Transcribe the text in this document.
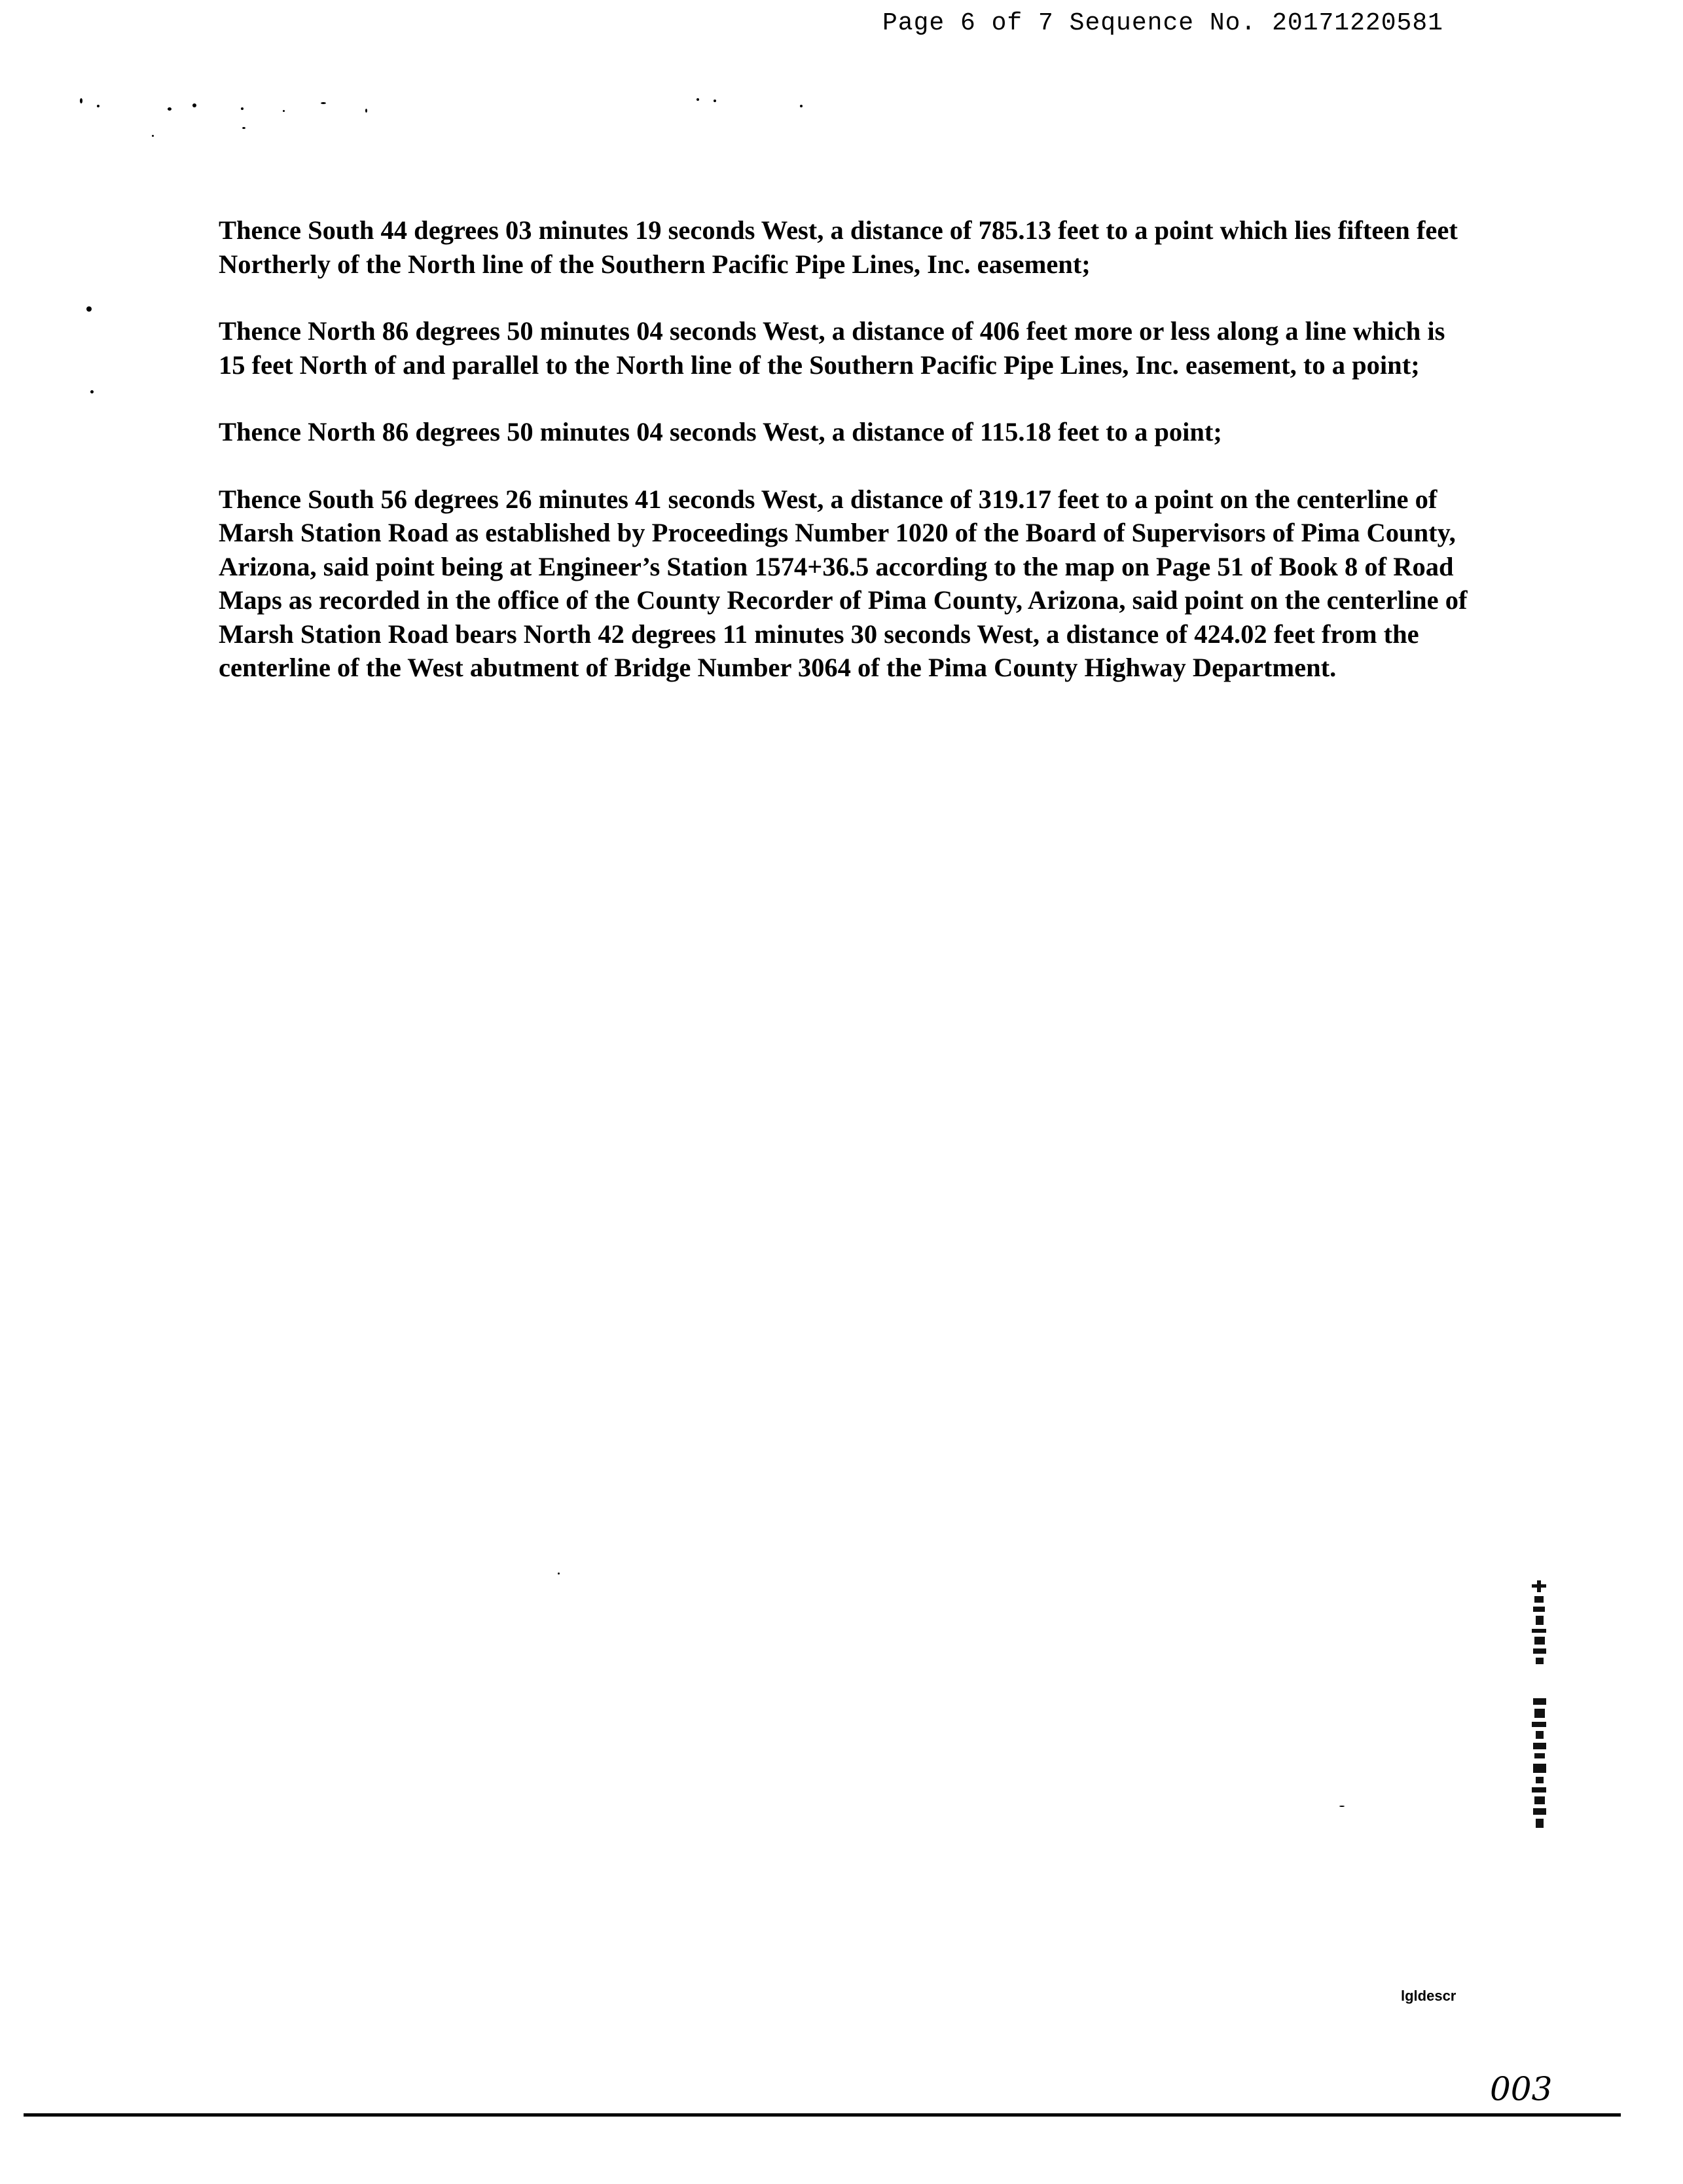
Page 6 of 7 Sequence No. 20171220581

Thence South 44 degrees 03 minutes 19 seconds West, a distance of 785.13 feet to a point which lies fifteen feet Northerly of the North line of the Southern Pacific Pipe Lines, Inc. easement;

Thence North 86 degrees 50 minutes 04 seconds West, a distance of 406 feet more or less along a line which is 15 feet North of and parallel to the North line of the Southern Pacific Pipe Lines, Inc. easement, to a point;

Thence North 86 degrees 50 minutes 04 seconds West, a distance of 115.18 feet to a point;

Thence South 56 degrees 26 minutes 41 seconds West, a distance of 319.17 feet to a point on the centerline of Marsh Station Road as established by Proceedings Number 1020 of the Board of Supervisors of Pima County, Arizona, said point being at Engineer’s Station 1574+36.5 according to the map on Page 51 of Book 8 of Road Maps as recorded in the office of the County Recorder of Pima County, Arizona, said point on the centerline of Marsh Station Road bears North 42 degrees 11 minutes 30 seconds West, a distance of 424.02 feet from the centerline of the West abutment of Bridge Number 3064 of the Pima County Highway Department.

lgldescr
003
